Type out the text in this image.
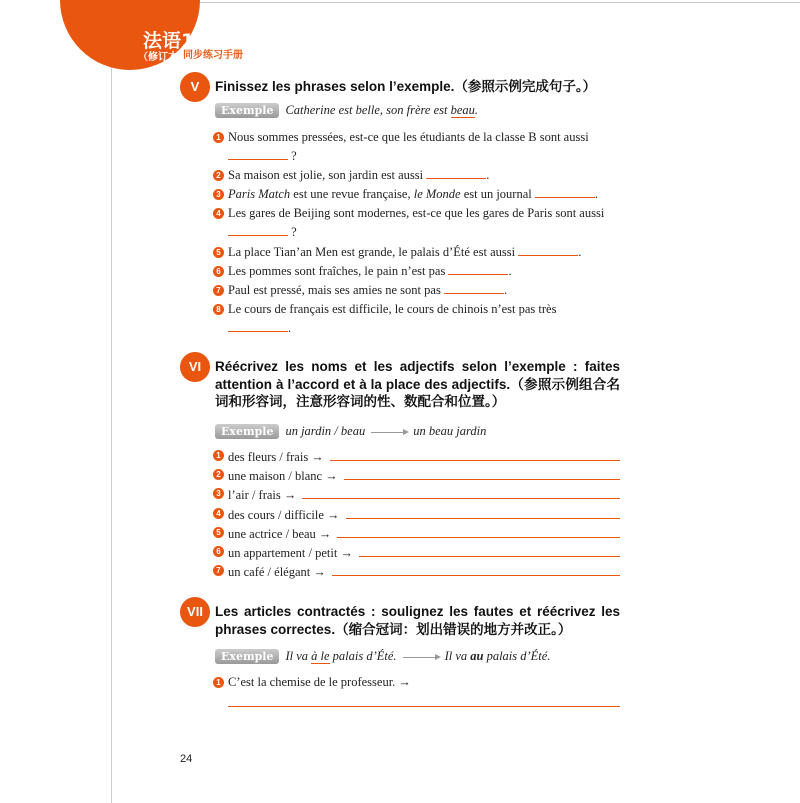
法语1
（修订本）
同步练习手册
V	Finissez les phrases selon l’exemple.（参照示例完成句子。）
Exemple Catherine est belle, son frère est beau.
1 Nous sommes pressées, est-ce que les étudiants de la classe B sont aussi
?
2 Sa maison est jolie, son jardin est aussi	.
3 Paris Match est une revue française, le Monde est un journal	.
4 Les gares de Beijing sont modernes, est-ce que les gares de Paris sont aussi
?
5 La place Tian’an Men est grande, le palais d’Été est aussi	.
6 Les pommes sont fraîches, le pain n’est pas	.
7 Paul est pressé, mais ses amies ne sont pas	.
8 Le cours de français est difficile, le cours de chinois n’est pas très
.
VI	Réécrivez les noms et les adjectifs selon l’exemple : faites attention à l’accord et à la place des adjectifs.（参照示例组合名词和形容词，注意形容词的性、数配合和位置。）
Exemple un jardin / beau	un beau jardin
1 des fleurs / frais →
2 une maison / blanc →
3 l’air / frais →
4 des cours / difficile →
5 une actrice / beau →
6 un appartement / petit →
7 un café / élégant →
VII Les articles contractés : soulignez les fautes et réécrivez les phrases correctes.（缩合冠词：划出错误的地方并改正。）
Exemple Il va à le palais d’Été.	Il va au palais d’Été.
1 C’est la chemise de le professeur. →
24
